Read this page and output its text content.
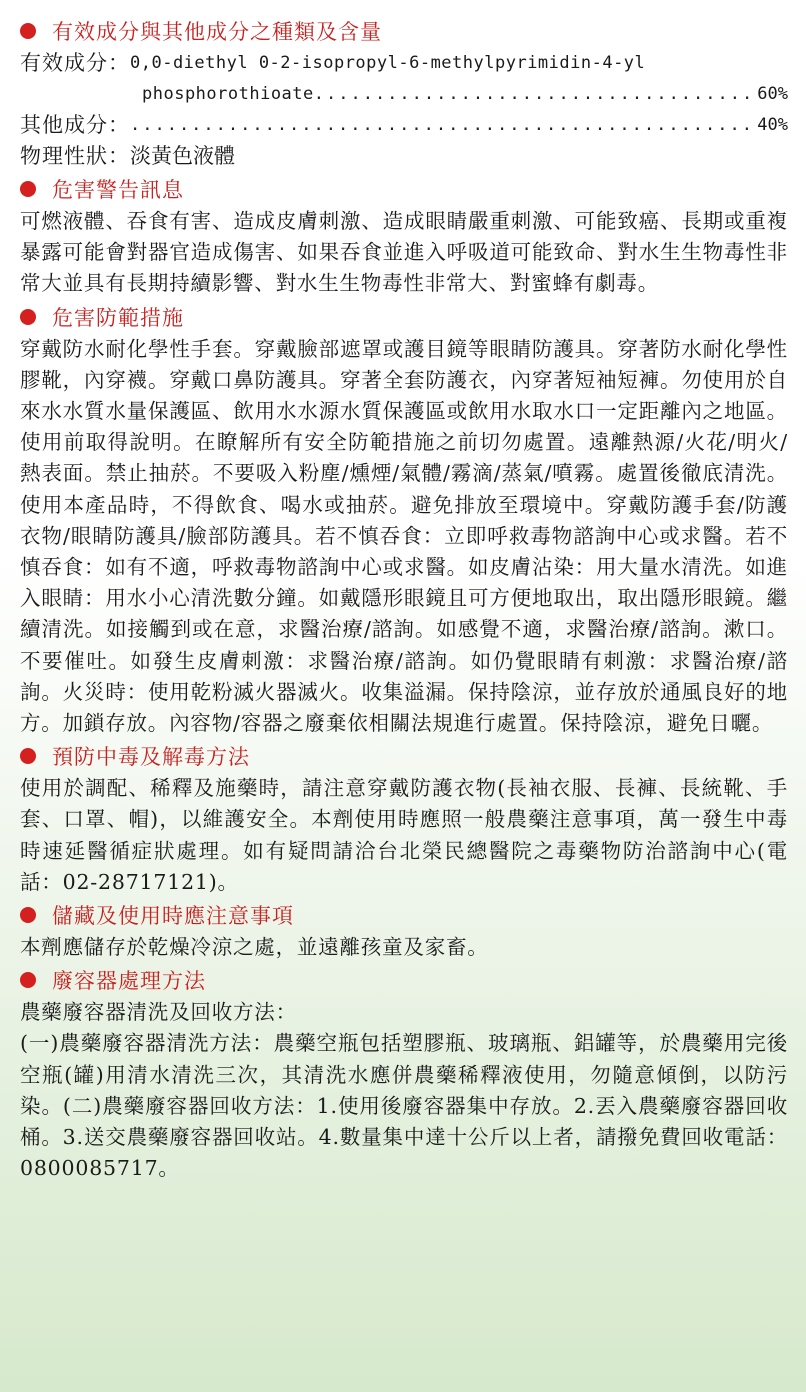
有效成分與其他成分之種類及含量
有效成分： 0,0-diethyl 0-2-isopropyl-6-methylpyrimidin-4-yl
phosphorothioate .....	60%
其他成分： .....	40%
物理性狀： 淡黃色液體
危害警告訊息

可燃液體、吞食有害、造成皮膚刺激、造成眼睛嚴重刺激、可能致癌、長期或重複暴露可能會對器官造成傷害、如果吞食並進入呼吸道可能致命、對水生生物毒性非常大並具有長期持續影響、對水生生物毒性非常大、對蜜蜂有劇毒。

危害防範措施

穿戴防水耐化學性手套。穿戴臉部遮罩或護目鏡等眼睛防護具。穿著防水耐化學性膠靴，內穿襪。穿戴口鼻防護具。穿著全套防護衣，內穿著短袖短褲。勿使用於自來水水質水量保護區、飲用水水源水質保護區或飲用水取水口一定距離內之地區。使用前取得說明。在瞭解所有安全防範措施之前切勿處置。遠離熱源/火花/明火/熱表面。禁止抽菸。不要吸入粉塵/燻煙/氣體/霧滴/蒸氣/噴霧。處置後徹底清洗。使用本產品時，不得飲食、喝水或抽菸。避免排放至環境中。穿戴防護手套/防護衣物/眼睛防護具/臉部防護具。若不慎吞食：立即呼救毒物諮詢中心或求醫。若不慎吞食：如有不適，呼救毒物諮詢中心或求醫。如皮膚沾染：用大量水清洗。如進入眼睛：用水小心清洗數分鐘。如戴隱形眼鏡且可方便地取出，取出隱形眼鏡。繼續清洗。如接觸到或在意，求醫治療/諮詢。如感覺不適，求醫治療/諮詢。漱口。不要催吐。如發生皮膚刺激：求醫治療/諮詢。如仍覺眼睛有刺激：求醫治療/諮詢。火災時：使用乾粉滅火器滅火。收集溢漏。保持陰涼，並存放於通風良好的地方。加鎖存放。內容物/容器之廢棄依相關法規進行處置。保持陰涼，避免日曬。

預防中毒及解毒方法

使用於調配、稀釋及施藥時，請注意穿戴防護衣物(長袖衣服、長褲、長統靴、手套、口罩、帽)，以維護安全。本劑使用時應照一般農藥注意事項，萬一發生中毒時速延醫循症狀處理。如有疑問請洽台北榮民總醫院之毒藥物防治諮詢中心(電話：02-28717121)。

儲藏及使用時應注意事項

本劑應儲存於乾燥冷涼之處，並遠離孩童及家畜。

廢容器處理方法

農藥廢容器清洗及回收方法：

(一)農藥廢容器清洗方法：農藥空瓶包括塑膠瓶、玻璃瓶、鋁罐等，於農藥用完後空瓶(罐)用清水清洗三次，其清洗水應併農藥稀釋液使用，勿隨意傾倒，以防污染。(二)農藥廢容器回收方法：1.使用後廢容器集中存放。2.丟入農藥廢容器回收桶。3.送交農藥廢容器回收站。4.數量集中達十公斤以上者，請撥免費回收電話：0800085717。
